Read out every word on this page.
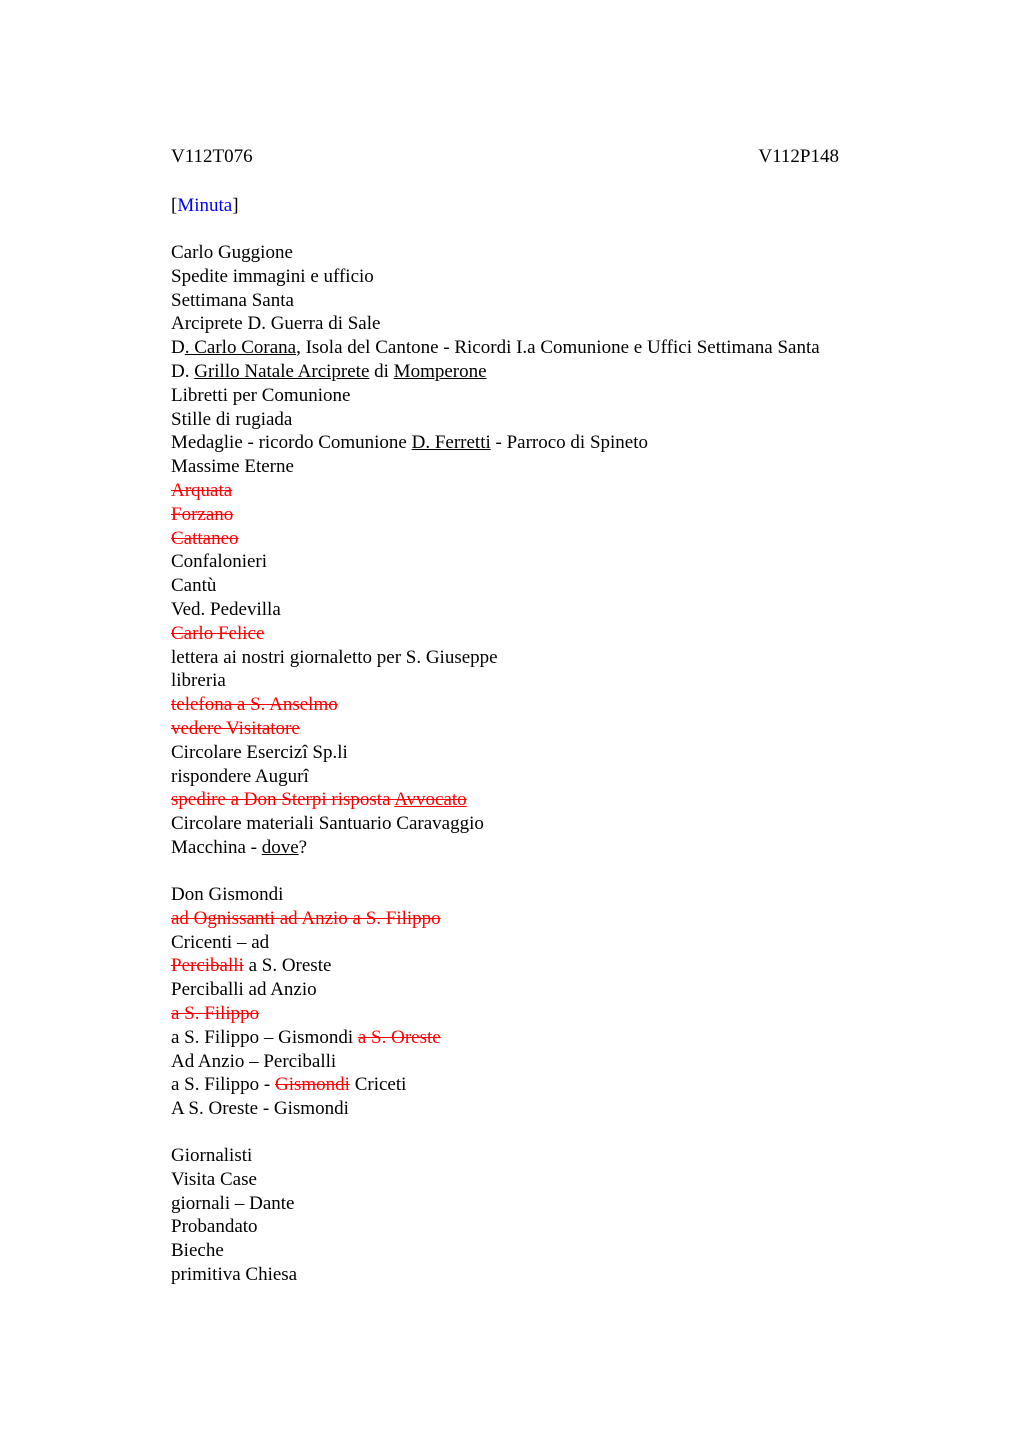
V112T076	V112P148
[Minuta]
Carlo Guggione
Spedite immagini e ufficio
Settimana Santa
Arciprete D. Guerra di Sale
D. Carlo Corana, Isola del Cantone - Ricordi I.a Comunione e Uffici Settimana Santa
D. Grillo Natale Arciprete di Momperone
Libretti per Comunione
Stille di rugiada
Medaglie - ricordo Comunione D. Ferretti - Parroco di Spineto
Massime Eterne
Arquata
Forzano
Cattaneo
Confalonieri
Cantù
Ved. Pedevilla
Carlo Felice
lettera ai nostri giornaletto per S. Giuseppe
libreria
telefona a S. Anselmo
vedere Visitatore
Circolare Esercizi Sp.li
rispondere Auguri
spedire a Don Sterpi risposta Avvocato
Circolare materiali Santuario Caravaggio
Macchina - dove?
Don Gismondi
ad Ognissanti ad Anzio a S. Filippo
Cricenti – ad
Perciballi a S. Oreste
Perciballi ad Anzio
a S. Filippo
a S. Filippo – Gismondi a S. Oreste
Ad Anzio – Perciballi
a S. Filippo - Gismondi Criceti
A S. Oreste - Gismondi
Giornalisti
Visita Case
giornali – Dante
Probandato
Bieche
primitiva Chiesa
